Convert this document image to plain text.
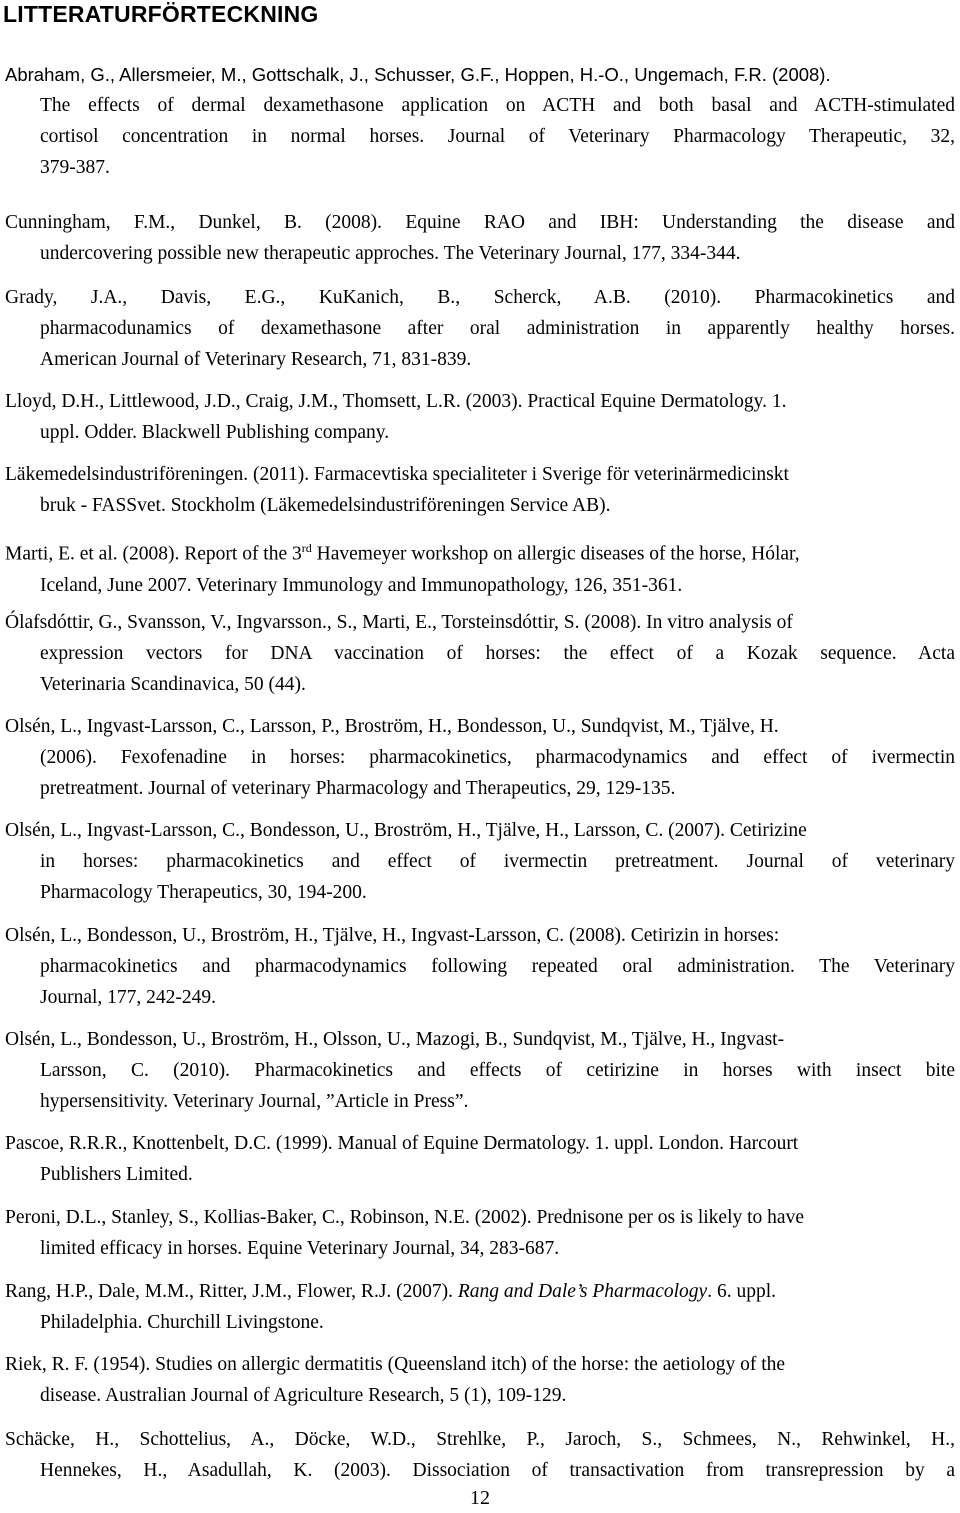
LITTERATURFÖRTECKNING
Abraham, G., Allersmeier, M., Gottschalk, J., Schusser, G.F., Hoppen, H.-O., Ungemach, F.R. (2008).
The effects of dermal dexamethasone application on ACTH and both basal and ACTH-stimulated
cortisol concentration in normal horses. Journal of Veterinary Pharmacology Therapeutic, 32,
379-387.
Cunningham, F.M., Dunkel, B. (2008). Equine RAO and IBH: Understanding the disease and
undercovering possible new therapeutic approches. The Veterinary Journal, 177, 334-344.
Grady, J.A., Davis, E.G., KuKanich, B., Scherck, A.B. (2010). Pharmacokinetics and
pharmacodunamics of dexamethasone after oral administration in apparently healthy horses.
American Journal of Veterinary Research, 71, 831-839.
Lloyd, D.H., Littlewood, J.D., Craig, J.M., Thomsett, L.R. (2003). Practical Equine Dermatology. 1.
uppl. Odder. Blackwell Publishing company.
Läkemedelsindustriföreningen. (2011). Farmacevtiska specialiteter i Sverige för veterinärmedicinskt
bruk - FASSvet. Stockholm (Läkemedelsindustriföreningen Service AB).
Marti, E. et al. (2008). Report of the 3rd Havemeyer workshop on allergic diseases of the horse, Hólar,
Iceland, June 2007. Veterinary Immunology and Immunopathology, 126, 351-361.
Ólafsdóttir, G., Svansson, V., Ingvarsson., S., Marti, E., Torsteinsdóttir, S. (2008). In vitro analysis of
expression vectors for DNA vaccination of horses: the effect of a Kozak sequence. Acta
Veterinaria Scandinavica, 50 (44).
Olsén, L., Ingvast-Larsson, C., Larsson, P., Broström, H., Bondesson, U., Sundqvist, M., Tjälve, H.
(2006). Fexofenadine in horses: pharmacokinetics, pharmacodynamics and effect of ivermectin
pretreatment. Journal of veterinary Pharmacology and Therapeutics, 29, 129-135.
Olsén, L., Ingvast-Larsson, C., Bondesson, U., Broström, H., Tjälve, H., Larsson, C. (2007). Cetirizine
in horses: pharmacokinetics and effect of ivermectin pretreatment. Journal of veterinary
Pharmacology Therapeutics, 30, 194-200.
Olsén, L., Bondesson, U., Broström, H., Tjälve, H., Ingvast-Larsson, C. (2008). Cetirizin in horses:
pharmacokinetics and pharmacodynamics following repeated oral administration. The Veterinary
Journal, 177, 242-249.
Olsén, L., Bondesson, U., Broström, H., Olsson, U., Mazogi, B., Sundqvist, M., Tjälve, H., Ingvast-
Larsson, C. (2010). Pharmacokinetics and effects of cetirizine in horses with insect bite
hypersensitivity. Veterinary Journal, ”Article in Press”.
Pascoe, R.R.R., Knottenbelt, D.C. (1999). Manual of Equine Dermatology. 1. uppl. London. Harcourt
Publishers Limited.
Peroni, D.L., Stanley, S., Kollias-Baker, C., Robinson, N.E. (2002). Prednisone per os is likely to have
limited efficacy in horses. Equine Veterinary Journal, 34, 283-687.
Rang, H.P., Dale, M.M., Ritter, J.M., Flower, R.J. (2007). Rang and Dale’s Pharmacology. 6. uppl.
Philadelphia. Churchill Livingstone.
Riek, R. F. (1954). Studies on allergic dermatitis (Queensland itch) of the horse: the aetiology of the
disease. Australian Journal of Agriculture Research, 5 (1), 109-129.
Schäcke, H., Schottelius, A., Döcke, W.D., Strehlke, P., Jaroch, S., Schmees, N., Rehwinkel, H.,
Hennekes, H., Asadullah, K. (2003). Dissociation of transactivation from transrepression by a
12
